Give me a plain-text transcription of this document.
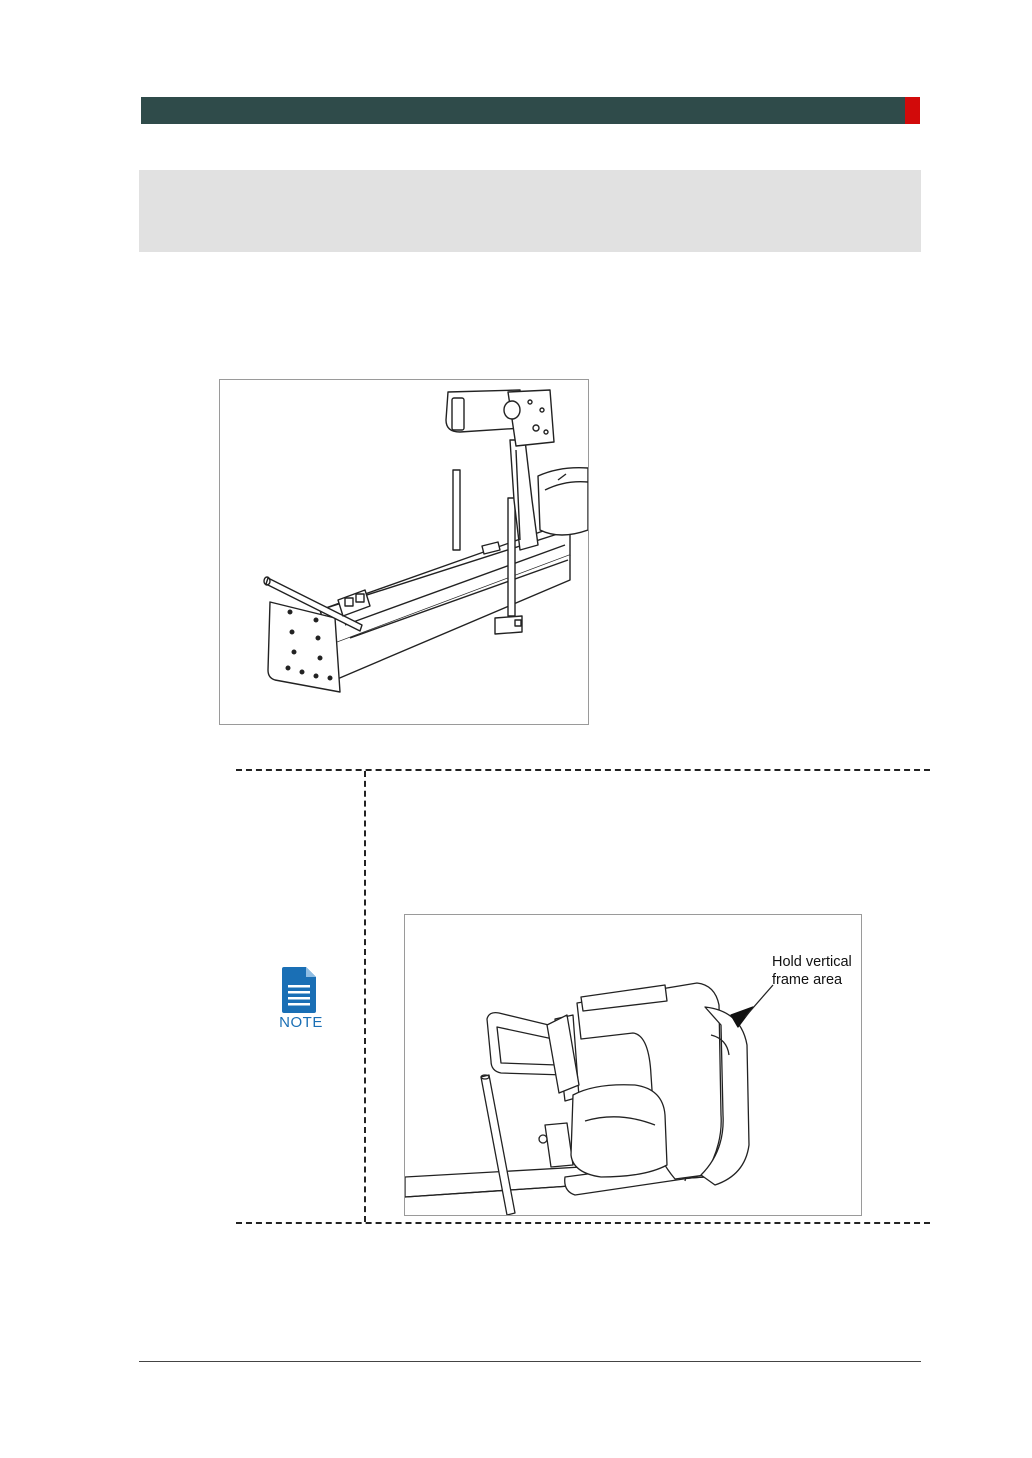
NOTE
Hold vertical
frame area
